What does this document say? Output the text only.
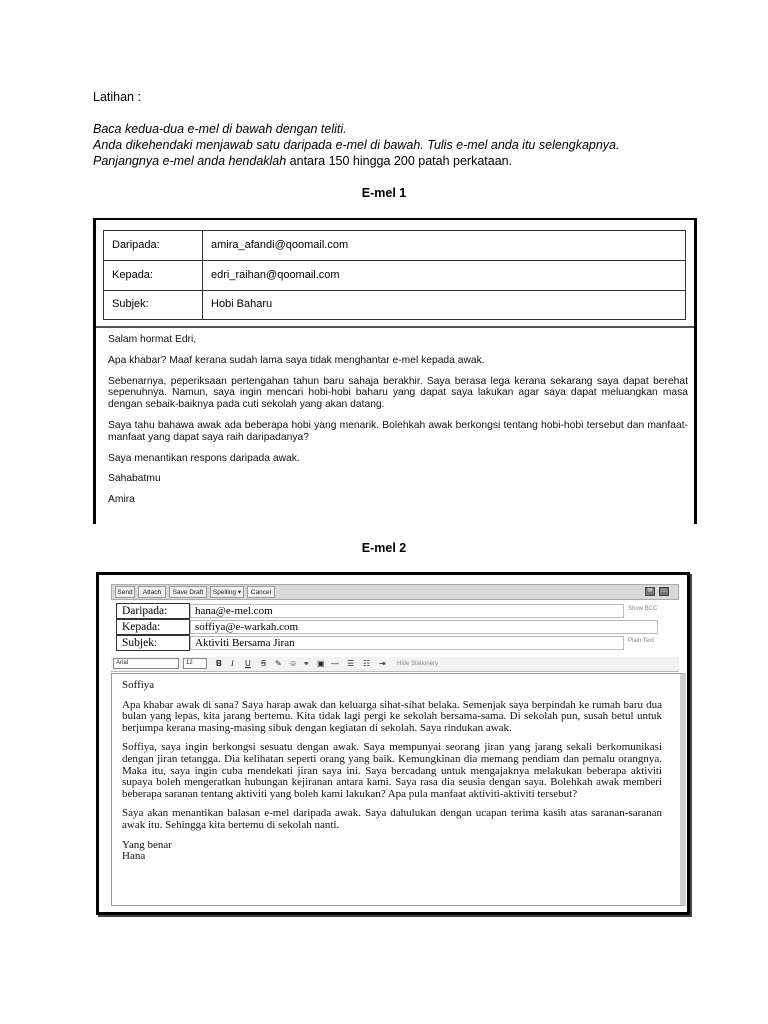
Latihan :
Baca kedua-dua e-mel di bawah dengan teliti.
Anda dikehendaki menjawab satu daripada e-mel di bawah. Tulis e-mel anda itu selengkapnya.
Panjangnya e-mel anda hendaklah antara 150 hingga 200 patah perkataan.
E-mel 1
Daripada:	amira_afandi@qoomail.com
Kepada:	edri_raihan@qoomail.com
Subjek:	Hobi Baharu

Salam hormat Edri,

Apa khabar? Maaf kerana sudah lama saya tidak menghantar e-mel kepada awak.

Sebenarnya, peperiksaan pertengahan tahun baru sahaja berakhir. Saya berasa lega kerana sekarang saya dapat berehat sepenuhnya. Namun, saya ingin mencari hobi-hobi baharu yang dapat saya lakukan agar saya dapat meluangkan masa dengan sebaik-baiknya pada cuti sekolah yang akan datang.

Saya tahu bahawa awak ada beberapa hobi yang menarik. Bolehkah awak berkongsi tentang hobi-hobi tersebut dan manfaat-manfaat yang dapat saya raih daripadanya?

Saya menantikan respons daripada awak.

Sahabatmu

Amira

E-mel 2
Send	Attach	Save Draft	Spelling ▾	Cancel	✉	▭
Daripada:	hana@e-mel.com	Show BCC
Kepada:	soffiya@e-warkah.com
Subjek:	Aktiviti Bersama Jiran	Plain Text
Arial	12	B I U Ꞩ ✎ ☺ ⚭ ▣ — ☰ ☷ ⇥ Hide Stationery

Soffiya

Apa khabar awak di sana? Saya harap awak dan keluarga sihat-sihat belaka. Semenjak saya berpindah ke rumah baru dua bulan yang lepas, kita jarang bertemu. Kita tidak lagi pergi ke sekolah bersama-sama. Di sekolah pun, susah betul untuk berjumpa kerana masing-masing sibuk dengan kegiatan di sekolah. Saya rindukan awak.

Soffiya, saya ingin berkongsi sesuatu dengan awak. Saya mempunyai seorang jiran yang jarang sekali berkomunikasi dengan jiran tetangga. Dia kelihatan seperti orang yang baik. Kemungkinan dia memang pendiam dan pemalu orangnya. Maka itu, saya ingin cuba mendekati jiran saya ini. Saya bercadang untuk mengajaknya melakukan beberapa aktiviti supaya boleh mengeratkan hubungan kejiranan antara kami. Saya rasa dia seusia dengan saya. Bolehkah awak memberi beberapa saranan tentang aktiviti yang boleh kami lakukan? Apa pula manfaat aktiviti-aktiviti tersebut?

Saya akan menantikan balasan e-mel daripada awak. Saya dahulukan dengan ucapan terima kasih atas saranan-saranan awak itu. Sehingga kita bertemu di sekolah nanti.

Yang benar
Hana
